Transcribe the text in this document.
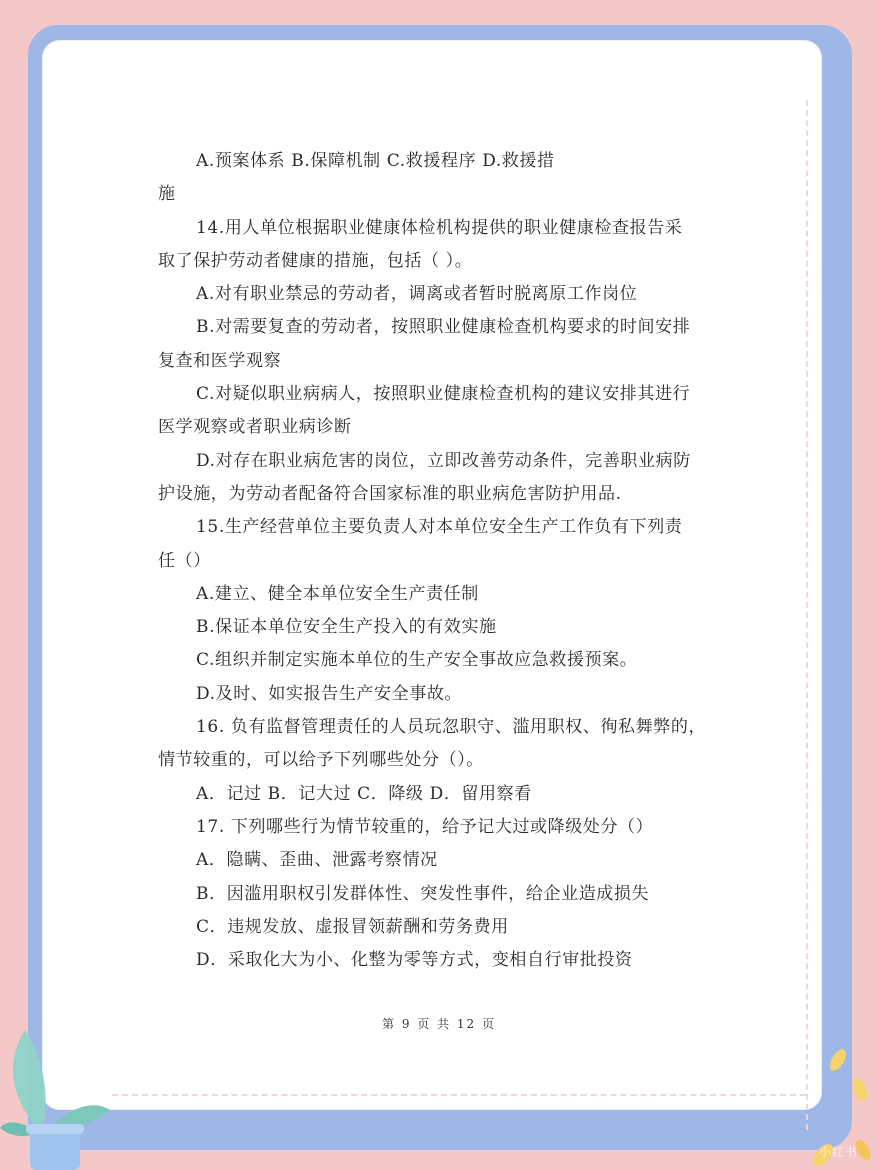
A.预案体系 B.保障机制 C.救援程序 D.救援措
施
14.用人单位根据职业健康体检机构提供的职业健康检查报告采
取了保护劳动者健康的措施，包括（ ）。
A.对有职业禁忌的劳动者，调离或者暂时脱离原工作岗位
B.对需要复查的劳动者，按照职业健康检查机构要求的时间安排
复查和医学观察
C.对疑似职业病病人，按照职业健康检查机构的建议安排其进行
医学观察或者职业病诊断
D.对存在职业病危害的岗位，立即改善劳动条件，完善职业病防
护设施，为劳动者配备符合国家标准的职业病危害防护用品.
15.生产经营单位主要负责人对本单位安全生产工作负有下列责
任（）
A.建立、健全本单位安全生产责任制
B.保证本单位安全生产投入的有效实施
C.组织并制定实施本单位的生产安全事故应急救援预案。
D.及时、如实报告生产安全事故。
16. 负有监督管理责任的人员玩忽职守、滥用职权、徇私舞弊的，
情节较重的，可以给予下列哪些处分（）。
A．记过 B．记大过 C．降级 D．留用察看
17. 下列哪些行为情节较重的，给予记大过或降级处分（）
A．隐瞒、歪曲、泄露考察情况
B．因滥用职权引发群体性、突发性事件，给企业造成损失
C．违规发放、虚报冒领薪酬和劳务费用
D．采取化大为小、化整为零等方式，变相自行审批投资
第 9 页 共 12 页
小红书
